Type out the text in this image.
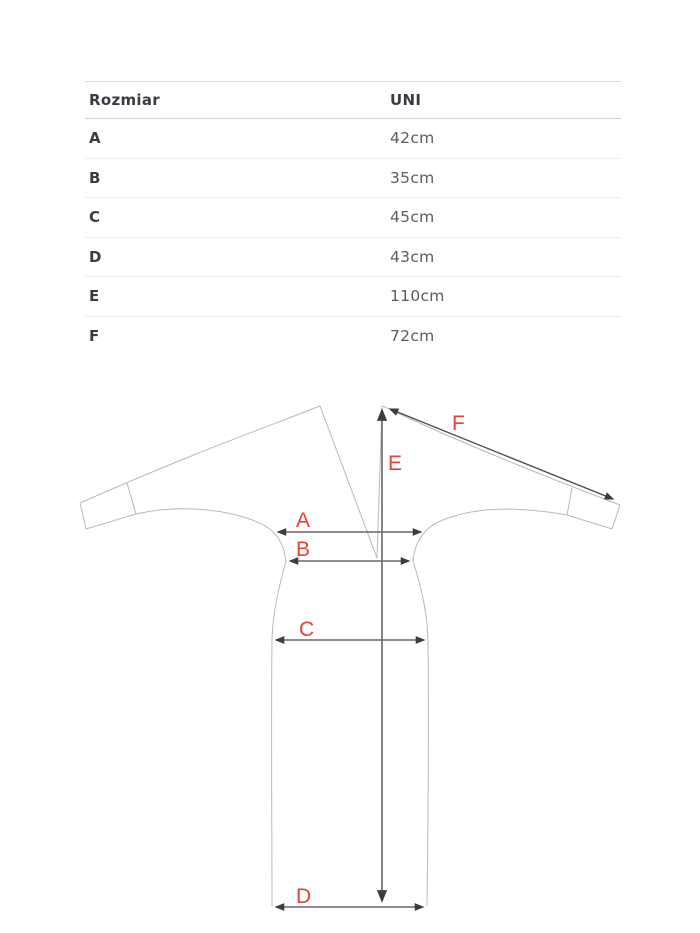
Rozmiar	UNI
A	42cm
B	35cm
C	45cm
D	43cm
E	110cm
F	72cm
A
B
C
D
E
F
